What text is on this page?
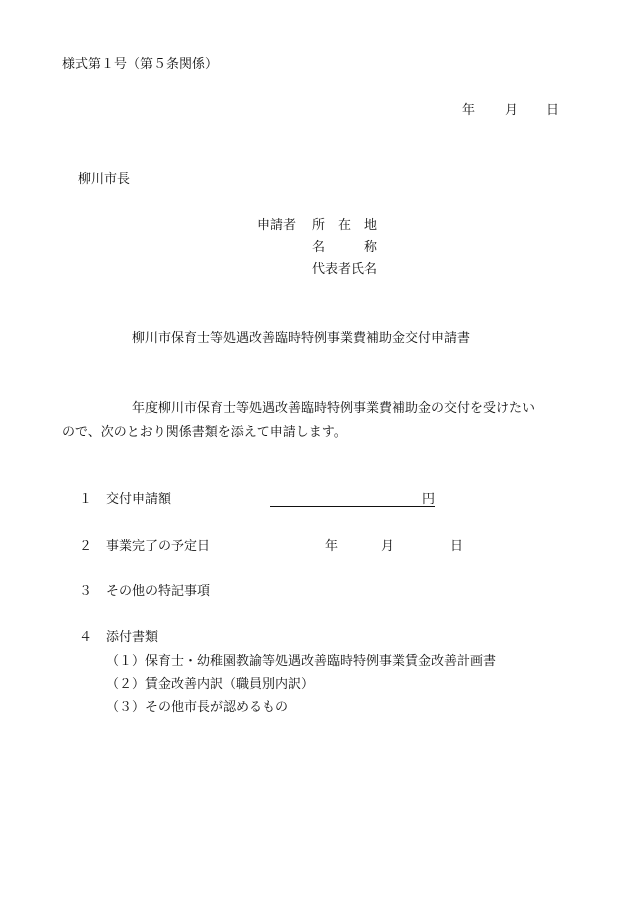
様式第１号（第５条関係）
年 月 日
柳川市長
申請者 所　在　地
名　　　称
代表者氏名
柳川市保育士等処遇改善臨時特例事業費補助金交付申請書
年度柳川市保育士等処遇改善臨時特例事業費補助金の交付を受けたい
ので、次のとおり関係書類を添えて申請します。
１ 交付申請額	円
２ 事業完了の予定日	年	月	日
３ その他の特記事項
４ 添付書類
（１）保育士・幼稚園教諭等処遇改善臨時特例事業賃金改善計画書
（２）賃金改善内訳（職員別内訳）
（３）その他市長が認めるもの
